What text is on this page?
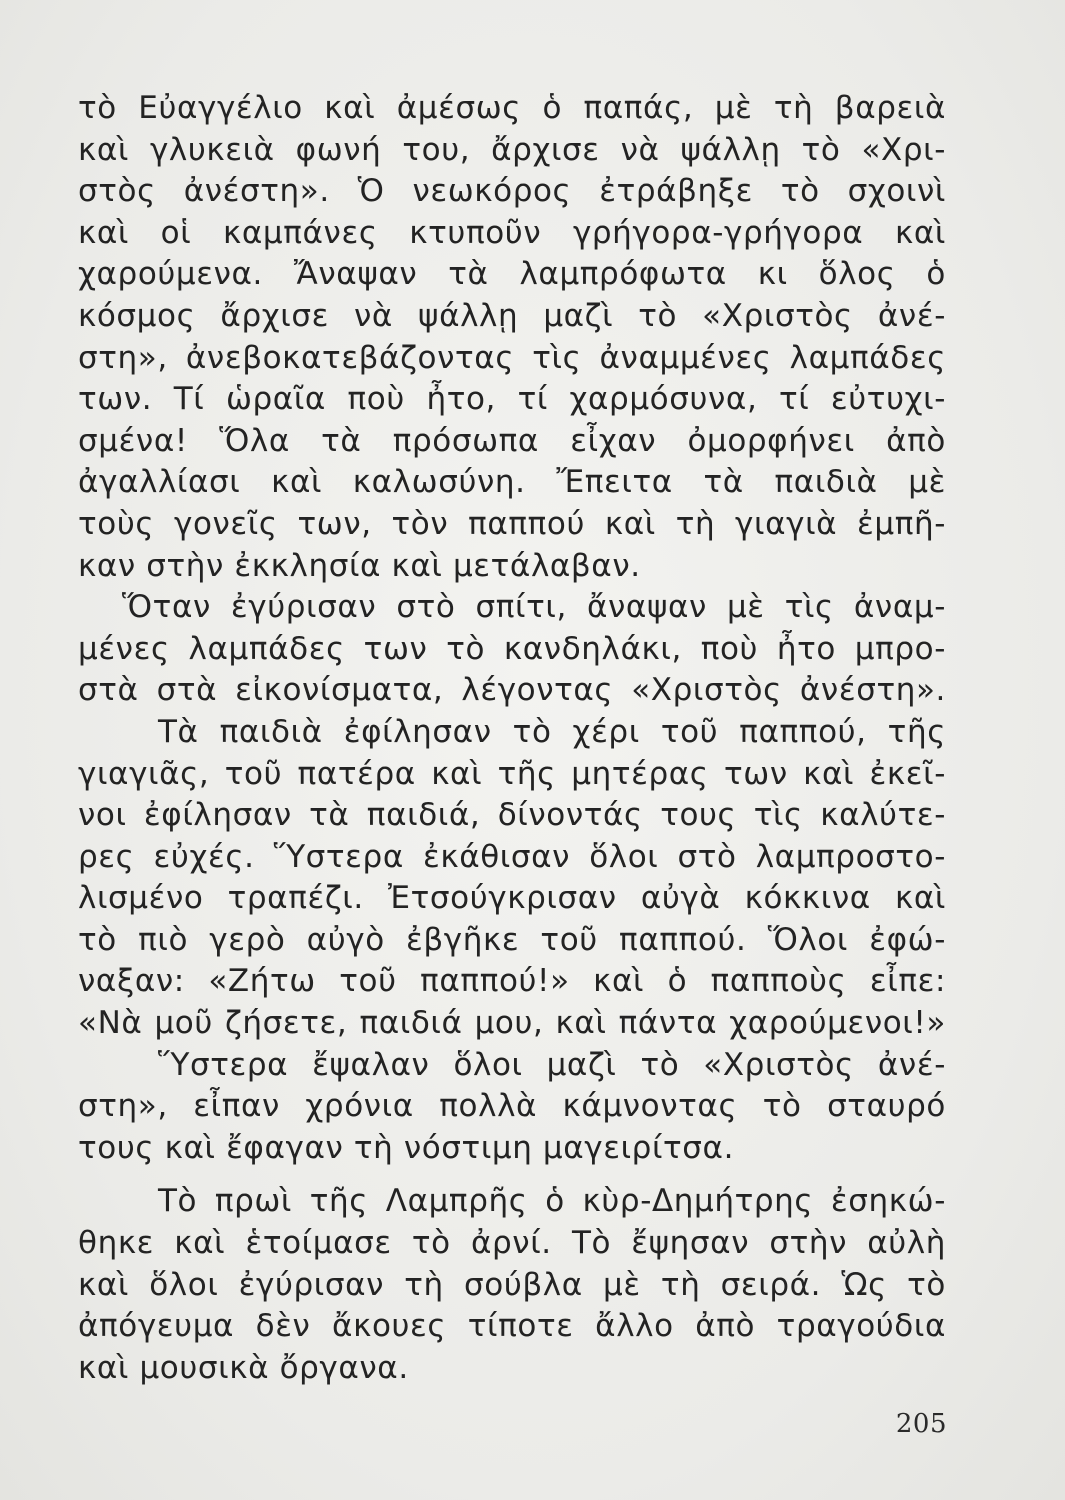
τὸ Εὐαγγέλιο καὶ ἀμέσως ὁ παπάς, μὲ τὴ βαρειὰ
καὶ γλυκειὰ φωνή του, ἄρχισε νὰ ψάλλῃ τὸ «Χρι-
στὸς ἀνέστη». Ὁ νεωκόρος ἐτράβηξε τὸ σχοινὶ
καὶ οἱ καμπάνες κτυποῦν γρήγορα-γρήγορα καὶ
χαρούμενα. Ἄναψαν τὰ λαμπρόφωτα κι ὅλος ὁ
κόσμος ἄρχισε νὰ ψάλλῃ μαζὶ τὸ «Χριστὸς ἀνέ-
στη», ἀνεβοκατεβάζοντας τὶς ἀναμμένες λαμπάδες
των. Τί ὡραῖα ποὺ ἦτο, τί χαρμόσυνα, τί εὐτυχι-
σμένα! Ὅλα τὰ πρόσωπα εἶχαν ὀμορφήνει ἀπὸ
ἀγαλλίασι καὶ καλωσύνη. Ἔπειτα τὰ παιδιὰ μὲ
τοὺς γονεῖς των, τὸν παππού καὶ τὴ γιαγιὰ ἐμπῆ-
καν στὴν ἐκκλησία καὶ μετάλαβαν.
Ὅταν ἐγύρισαν στὸ σπίτι, ἄναψαν μὲ τὶς ἀναμ-
μένες λαμπάδες των τὸ κανδηλάκι, ποὺ ἦτο μπρο-
στὰ στὰ εἰκονίσματα, λέγοντας «Χριστὸς ἀνέστη».
Τὰ παιδιὰ ἐφίλησαν τὸ χέρι τοῦ παππού, τῆς
γιαγιᾶς, τοῦ πατέρα καὶ τῆς μητέρας των καὶ ἐκεῖ-
νοι ἐφίλησαν τὰ παιδιά, δίνοντάς τους τὶς καλύτε-
ρες εὐχές. Ὕστερα ἐκάθισαν ὅλοι στὸ λαμπροστο-
λισμένο τραπέζι. Ἐτσούγκρισαν αὐγὰ κόκκινα καὶ
τὸ πιὸ γερὸ αὐγὸ ἐβγῆκε τοῦ παππού. Ὅλοι ἐφώ-
ναξαν: «Ζήτω τοῦ παππού!» καὶ ὁ παπποὺς εἶπε:
«Νὰ μοῦ ζήσετε, παιδιά μου, καὶ πάντα χαρούμενοι!»
Ὕστερα ἔψαλαν ὅλοι μαζὶ τὸ «Χριστὸς ἀνέ-
στη», εἶπαν χρόνια πολλὰ κάμνοντας τὸ σταυρό
τους καὶ ἔφαγαν τὴ νόστιμη μαγειρίτσα.
Τὸ πρωὶ τῆς Λαμπρῆς ὁ κὺρ-Δημήτρης ἐσηκώ-
θηκε καὶ ἑτοίμασε τὸ ἀρνί. Τὸ ἔψησαν στὴν αὐλὴ
καὶ ὅλοι ἐγύρισαν τὴ σούβλα μὲ τὴ σειρά. Ὡς τὸ
ἀπόγευμα δὲν ἄκουες τίποτε ἄλλο ἀπὸ τραγούδια
καὶ μουσικὰ ὄργανα.
205
